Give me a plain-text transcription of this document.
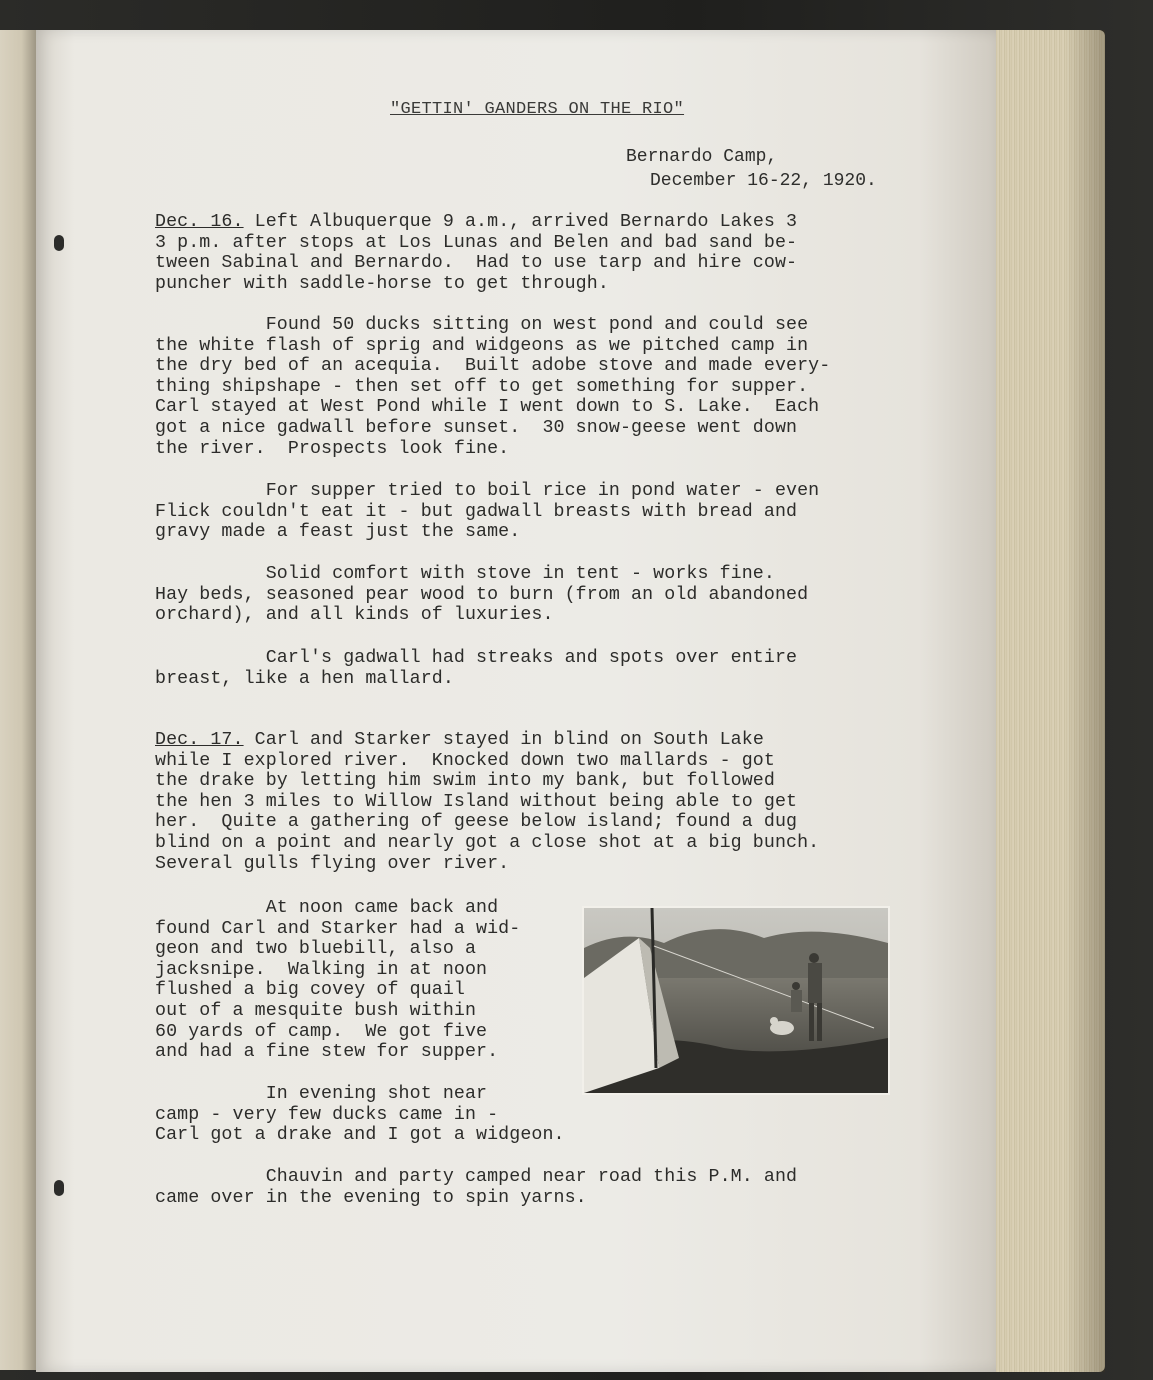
"GETTIN' GANDERS ON THE RIO"
Bernardo Camp,
December 16-22, 1920.
Dec. 16. Left Albuquerque 9 a.m., arrived Bernardo Lakes 3
3 p.m. after stops at Los Lunas and Belen and bad sand be-
tween Sabinal and Bernardo.  Had to use tarp and hire cow-
puncher with saddle-horse to get through.
Found 50 ducks sitting on west pond and could see
the white flash of sprig and widgeons as we pitched camp in
the dry bed of an acequia.  Built adobe stove and made every-
thing shipshape - then set off to get something for supper.
Carl stayed at West Pond while I went down to S. Lake.  Each
got a nice gadwall before sunset.  30 snow-geese went down
the river.  Prospects look fine.
For supper tried to boil rice in pond water - even
Flick couldn't eat it - but gadwall breasts with bread and
gravy made a feast just the same.
Solid comfort with stove in tent - works fine.
Hay beds, seasoned pear wood to burn (from an old abandoned
orchard), and all kinds of luxuries.
Carl's gadwall had streaks and spots over entire
breast, like a hen mallard.
Dec. 17. Carl and Starker stayed in blind on South Lake
while I explored river.  Knocked down two mallards - got
the drake by letting him swim into my bank, but followed
the hen 3 miles to Willow Island without being able to get
her.  Quite a gathering of geese below island; found a dug
blind on a point and nearly got a close shot at a big bunch.
Several gulls flying over river.
At noon came back and
found Carl and Starker had a wid-
geon and two bluebill, also a
jacksnipe.  Walking in at noon
flushed a big covey of quail
out of a mesquite bush within
60 yards of camp.  We got five
and had a fine stew for supper.
In evening shot near
camp - very few ducks came in -
Carl got a drake and I got a widgeon.
Chauvin and party camped near road this P.M. and
came over in the evening to spin yarns.
